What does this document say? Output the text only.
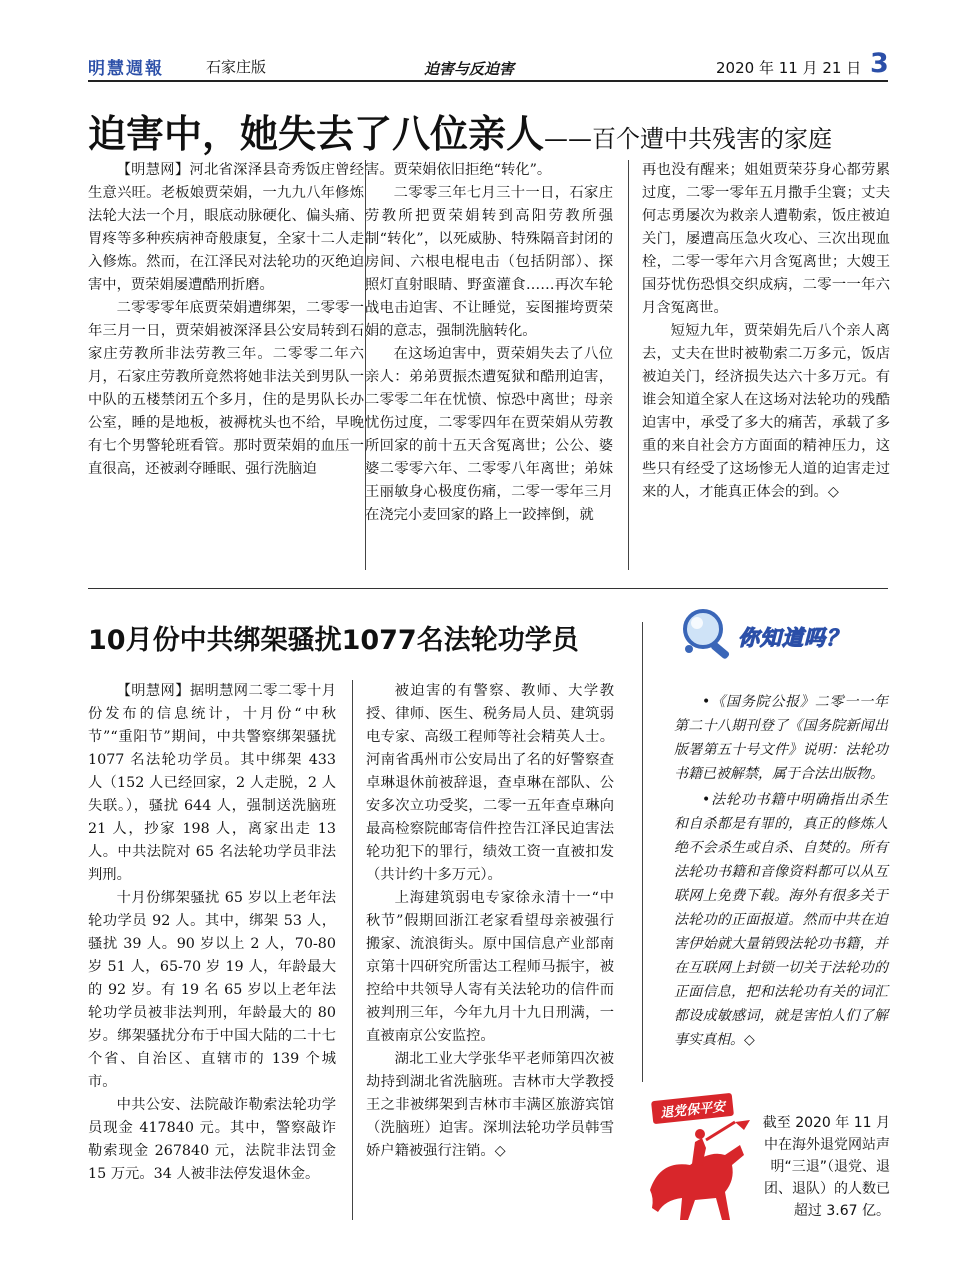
明慧週報	石家庄版	迫害与反迫害	2020 年 11 月 21 日 3
迫害中，她失去了八位亲人——百个遭中共残害的家庭

【明慧网】河北省深泽县奇秀饭庄曾经生意兴旺。老板娘贾荣娟，一九九八年修炼法轮大法一个月，眼底动脉硬化、偏头痛、胃疼等多种疾病神奇般康复，全家十二人走入修炼。然而，在江泽民对法轮功的灭绝迫害中，贾荣娟屡遭酷刑折磨。

二零零零年底贾荣娟遭绑架，二零零一年三月一日，贾荣娟被深泽县公安局转到石家庄劳教所非法劳教三年。二零零二年六月，石家庄劳教所竟然将她非法关到男队一中队的五楼禁闭五个多月，住的是男队长办公室，睡的是地板，被褥枕头也不给，早晚有七个男警轮班看管。那时贾荣娟的血压一直很高，还被剥夺睡眠、强行洗脑迫

害。贾荣娟依旧拒绝“转化”。

二零零三年七月三十一日，石家庄劳教所把贾荣娟转到高阳劳教所强制“转化”，以死威胁、特殊隔音封闭的房间、六根电棍电击（包括阴部）、探照灯直射眼睛、野蛮灌食……再次车轮战电击迫害、不让睡觉，妄图摧垮贾荣娟的意志，强制洗脑转化。

在这场迫害中，贾荣娟失去了八位亲人：弟弟贾振杰遭冤狱和酷刑迫害，二零零二年在忧愤、惊恐中离世；母亲忧伤过度，二零零四年在贾荣娟从劳教所回家的前十五天含冤离世；公公、婆婆二零零六年、二零零八年离世；弟妹王丽敏身心极度伤痛，二零一零年三月在浇完小麦回家的路上一跤摔倒，就

再也没有醒来；姐姐贾荣芬身心都劳累过度，二零一零年五月撒手尘寰；丈夫何志勇屡次为救亲人遭勒索，饭庄被迫关门，屡遭高压急火攻心、三次出现血栓，二零一零年六月含冤离世；大嫂王国芬忧伤恐惧交织成病，二零一一年六月含冤离世。

短短九年，贾荣娟先后八个亲人离去，丈夫在世时被勒索二万多元，饭店被迫关门，经济损失达六十多万元。有谁会知道全家人在这场对法轮功的残酷迫害中，承受了多大的痛苦，承载了多重的来自社会方方面面的精神压力，这些只有经受了这场惨无人道的迫害走过来的人，才能真正体会的到。◇

10月份中共绑架骚扰1077名法轮功学员

【明慧网】据明慧网二零二零十月份发布的信息统计，十月份“中秋节”“重阳节”期间，中共警察绑架骚扰 1077 名法轮功学员。其中绑架 433 人（152 人已经回家，2 人走脱，2 人失联。），骚扰 644 人，强制送洗脑班 21 人，抄家 198 人，离家出走 13 人。中共法院对 65 名法轮功学员非法判刑。

十月份绑架骚扰 65 岁以上老年法轮功学员 92 人。其中，绑架 53 人，骚扰 39 人。90 岁以上 2 人，70-80 岁 51 人，65-70 岁 19 人，年龄最大的 92 岁。有 19 名 65 岁以上老年法轮功学员被非法判刑，年龄最大的 80 岁。绑架骚扰分布于中国大陆的二十七个省、自治区、直辖市的 139 个城市。

中共公安、法院敲诈勒索法轮功学员现金 417840 元。其中，警察敲诈勒索现金 267840 元，法院非法罚金 15 万元。34 人被非法停发退休金。

被迫害的有警察、教师、大学教授、律师、医生、税务局人员、建筑弱电专家、高级工程师等社会精英人士。河南省禹州市公安局出了名的好警察查卓琳退休前被辞退，查卓琳在部队、公安多次立功受奖，二零一五年查卓琳向最高检察院邮寄信件控告江泽民迫害法轮功犯下的罪行，绩效工资一直被扣发（共计约十多万元）。

上海建筑弱电专家徐永清十一“中秋节”假期回浙江老家看望母亲被强行搬家、流浪街头。原中国信息产业部南京第十四研究所雷达工程师马振宇，被控给中共领导人寄有关法轮功的信件而被判刑三年，今年九月十九日刑满，一直被南京公安监控。

湖北工业大学张华平老师第四次被劫持到湖北省洗脑班。吉林市大学教授王之非被绑架到吉林市丰满区旅游宾馆（洗脑班）迫害。深圳法轮功学员韩雪娇户籍被强行注销。◇

你知道吗？

•《国务院公报》二零一一年第二十八期刊登了《国务院新闻出版署第五十号文件》说明：法轮功书籍已被解禁，属于合法出版物。

•法轮功书籍中明确指出杀生和自杀都是有罪的，真正的修炼人绝不会杀生或自杀、自焚的。所有法轮功书籍和音像资料都可以从互联网上免费下载。海外有很多关于法轮功的正面报道。然而中共在迫害伊始就大量销毁法轮功书籍，并在互联网上封锁一切关于法轮功的正面信息，把和法轮功有关的词汇都设成敏感词，就是害怕人们了解事实真相。◇

退党保平安
截至 2020 年 11 月中在海外退党网站声明“三退”（退党、退团、退队）的人数已超过 3.67 亿。
